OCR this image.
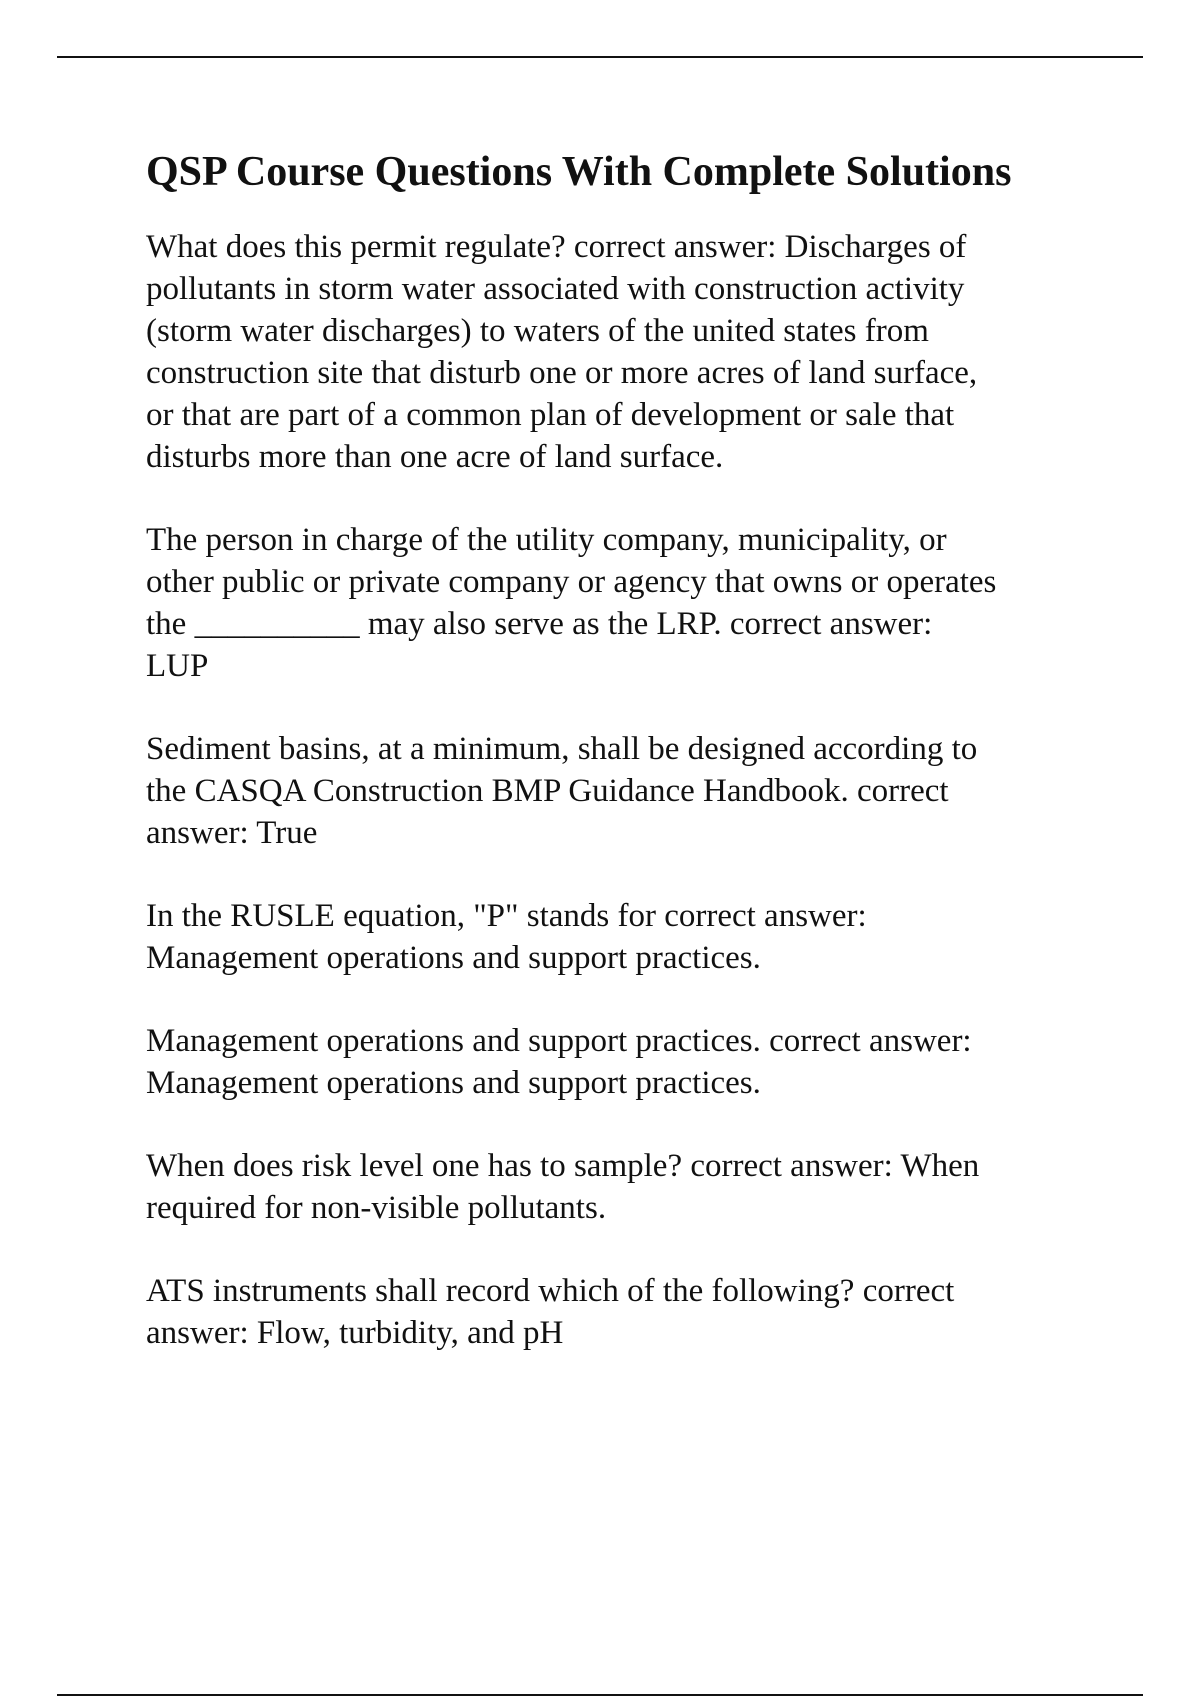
QSP Course Questions With Complete Solutions

What does this permit regulate? correct answer: Discharges of
pollutants in storm water associated with construction activity
(storm water discharges) to waters of the united states from
construction site that disturb one or more acres of land surface,
or that are part of a common plan of development or sale that
disturbs more than one acre of land surface.

The person in charge of the utility company, municipality, or
other public or private company or agency that owns or operates
the __________ may also serve as the LRP. correct answer:
LUP

Sediment basins, at a minimum, shall be designed according to
the CASQA Construction BMP Guidance Handbook. correct
answer: True

In the RUSLE equation, "P" stands for correct answer:
Management operations and support practices.

Management operations and support practices. correct answer:
Management operations and support practices.

When does risk level one has to sample? correct answer: When
required for non-visible pollutants.

ATS instruments shall record which of the following? correct
answer: Flow, turbidity, and pH
